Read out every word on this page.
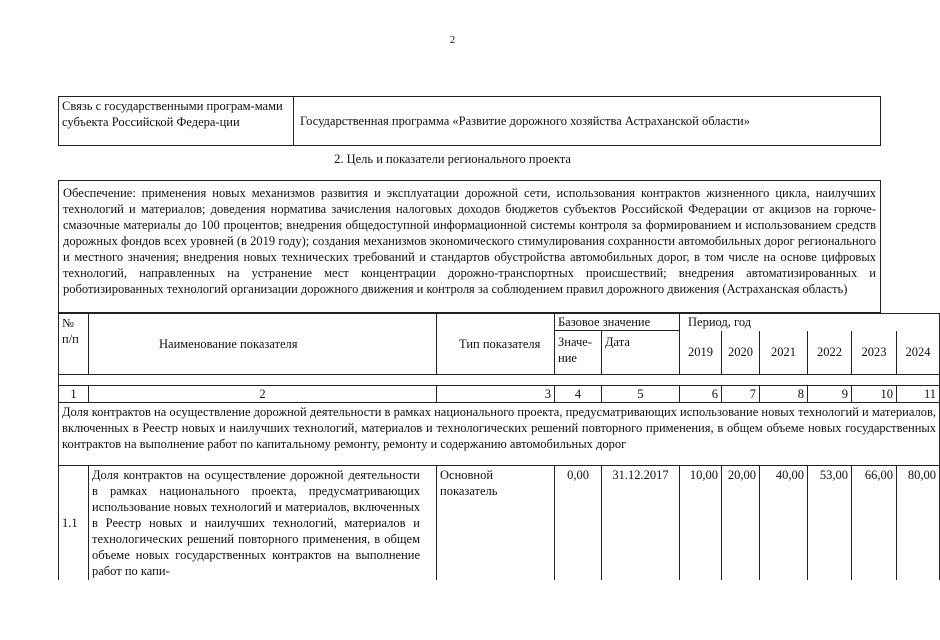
2
Связь с государственными програм-мами субъекта Российской Федера-ции	Государственная программа «Развитие дорожного хозяйства Астраханской области»
2. Цель и показатели регионального проекта
Обеспечение: применения новых механизмов развития и эксплуатации дорожной сети, использования контрактов жизненного цикла, наилучших технологий и материалов; доведения норматива зачисления налоговых доходов бюджетов субъектов Российской Федерации от акцизов на горюче-смазочные материалы до 100 процентов; внедрения общедоступной информационной системы контроля за формированием и использованием средств дорожных фондов всех уровней (в 2019 году); создания механизмов экономического стимулирования сохранности автомобильных дорог регионального и местного значения; внедрения новых технических требований и стандартов обустройства автомобильных дорог, в том числе на основе цифровых технологий, направленных на устранение мест концентрации дорожно-транспортных происшествий; внедрения автоматизированных и роботизированных технологий организации дорожного движения и контроля за соблюдением правил дорожного движения (Астраханская область)
№ п/п	Наименование показателя	Тип показателя	Базовое значение		Период, год					
			Значе-ние	Дата	2019	2020	2021	2022	2023	2024

1	2	3	4	5	6	7	8	9	10	11
Доля контрактов на осуществление дорожной деятельности в рамках национального проекта, предусматривающих использование новых технологий и материалов, включенных в Реестр новых и наилучших технологий, материалов и технологических решений повторного применения, в общем объеме новых государственных контрактов на выполнение работ по капитальному ремонту, ремонту и содержанию автомобильных дорог										
1.1	Доля контрактов на осуществление дорожной деятельности в рамках национального проекта, предусматривающих использование новых технологий и материалов, включенных в Реестр новых и наилучших технологий, материалов и технологических решений повторного применения, в общем объеме новых государственных контрактов на выполнение работ по капи-	Основной показатель	0,00	31.12.2017	10,00	20,00	40,00	53,00	66,00	80,00
